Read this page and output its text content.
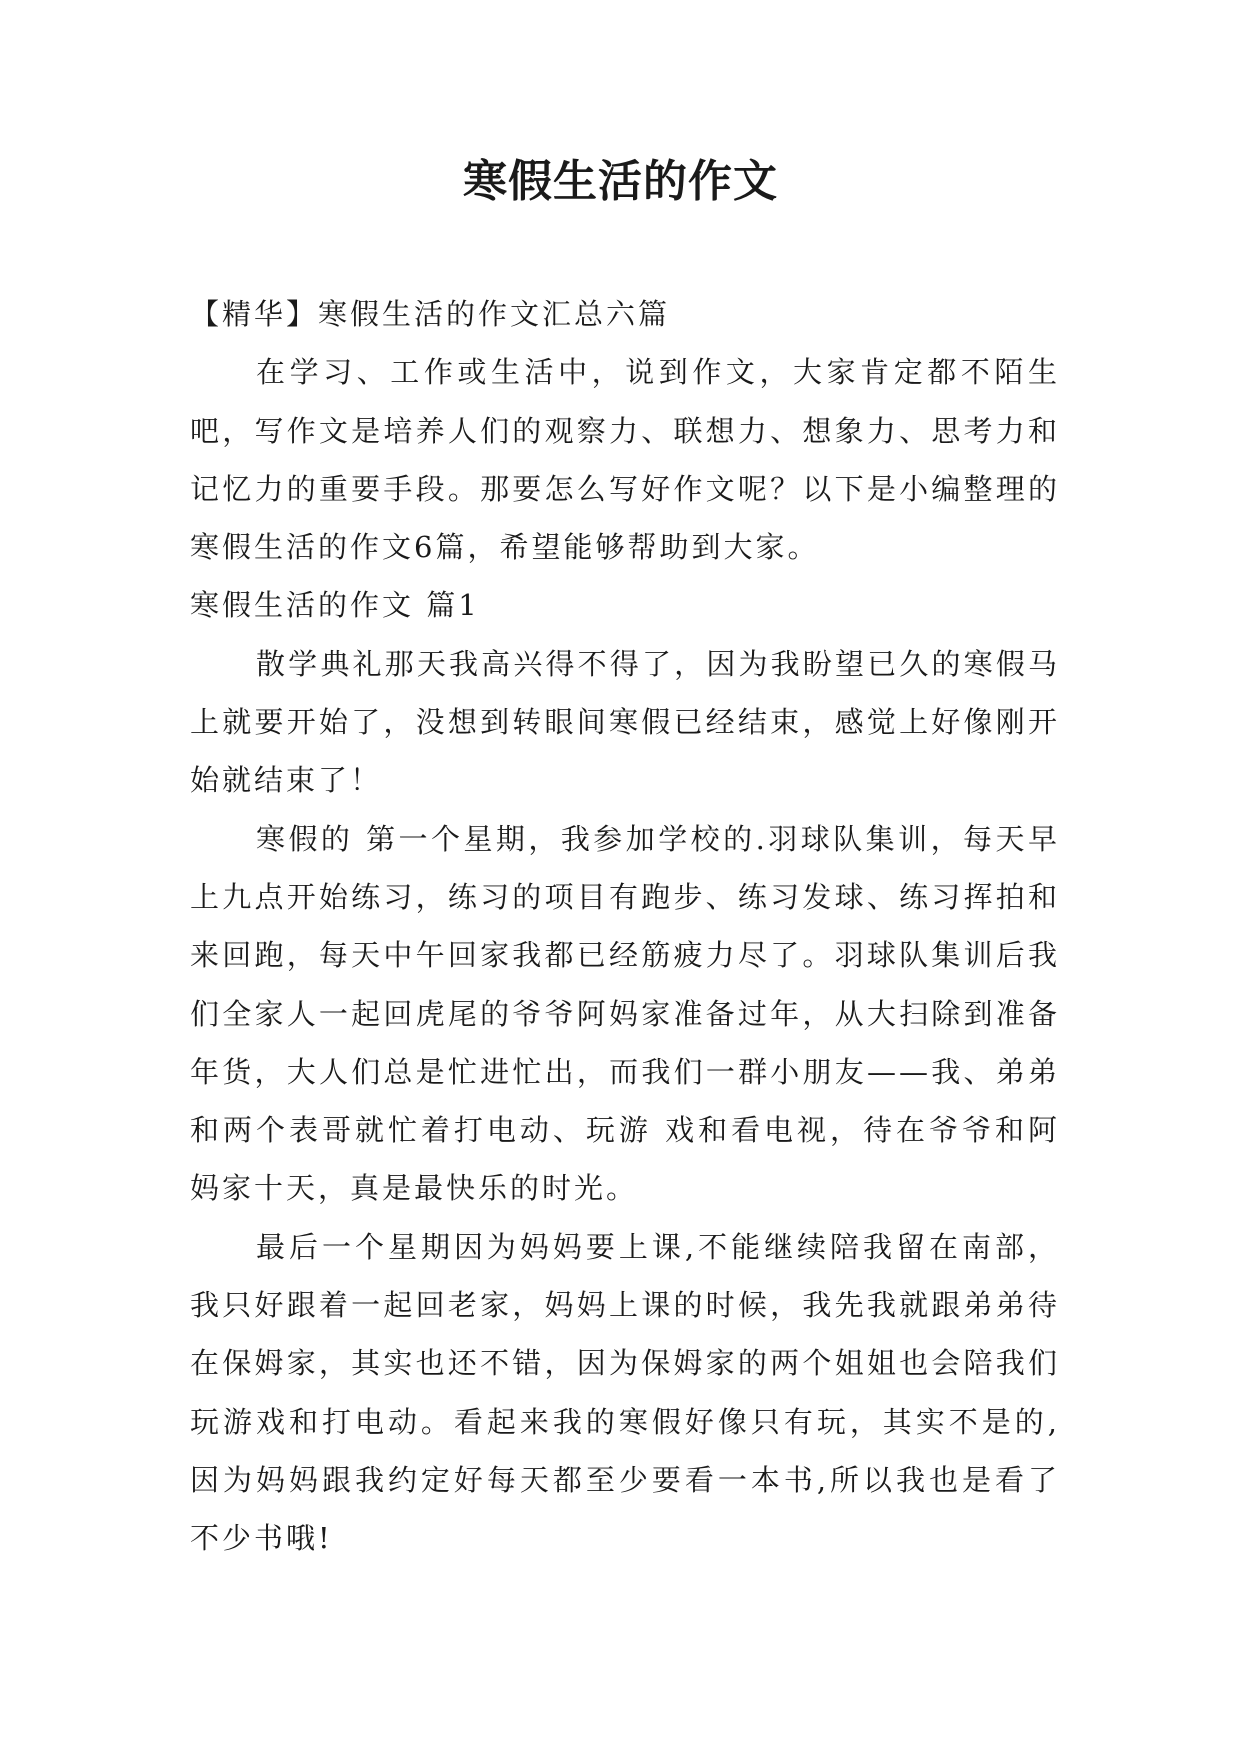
寒假生活的作文

【精华】寒假生活的作文汇总六篇

在学习、工作或生活中，说到作文，大家肯定都不陌生吧，写作文是培养人们的观察力、联想力、想象力、思考力和记忆力的重要手段。那要怎么写好作文呢？以下是小编整理的寒假生活的作文6篇，希望能够帮助到大家。

寒假生活的作文 篇1

散学典礼那天我高兴得不得了，因为我盼望已久的寒假马上就要开始了，没想到转眼间寒假已经结束，感觉上好像刚开始就结束了！

寒假的 第一个星期，我参加学校的.羽球队集训，每天早上九点开始练习，练习的项目有跑步、练习发球、练习挥拍和来回跑，每天中午回家我都已经筋疲力尽了。羽球队集训后我们全家人一起回虎尾的爷爷阿妈家准备过年，从大扫除到准备年货，大人们总是忙进忙出，而我们一群小朋友——我、弟弟和两个表哥就忙着打电动、玩游 戏和看电视，待在爷爷和阿妈家十天，真是最快乐的时光。

最后一个星期因为妈妈要上课,不能继续陪我留在南部，我只好跟着一起回老家，妈妈上课的时候，我先我就跟弟弟待在保姆家，其实也还不错，因为保姆家的两个姐姐也会陪我们玩游戏和打电动。看起来我的寒假好像只有玩，其实不是的,因为妈妈跟我约定好每天都至少要看一本书,所以我也是看了不少书哦!
